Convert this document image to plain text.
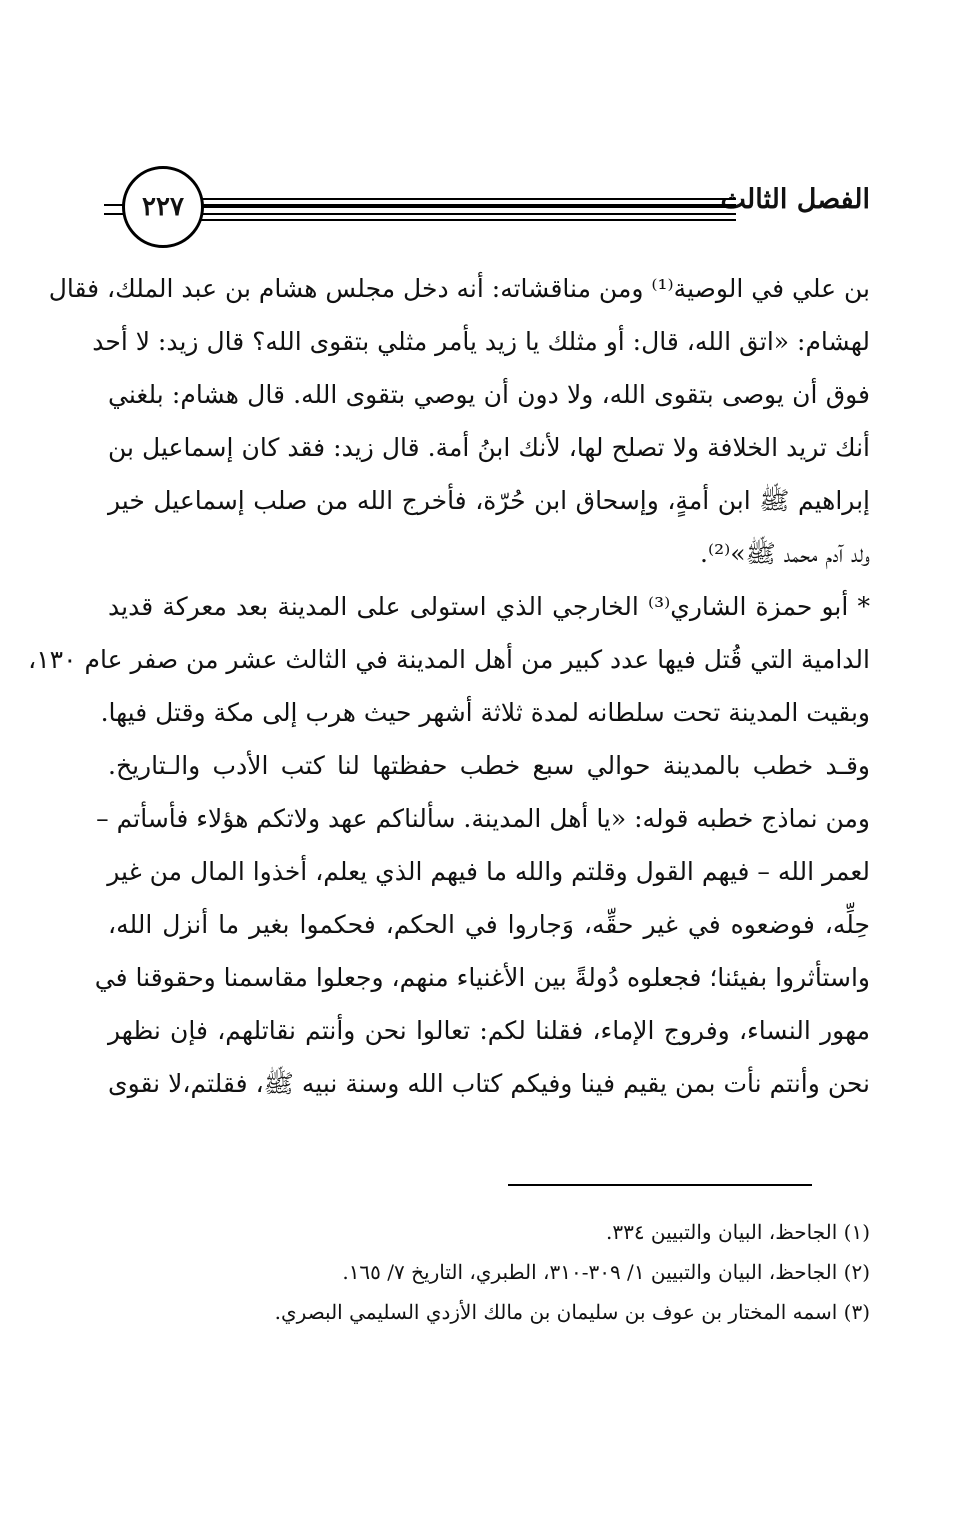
الفصل الثالث
٢٢٧
بن علي في الوصية⁽¹⁾ ومن مناقشاته: أنه دخل مجلس هشام بن عبد الملك، فقال
لهشام: «اتق الله، قال: أو مثلك يا زيد يأمر مثلي بتقوى الله؟ قال زيد: لا أحد
فوق أن يوصى بتقوى الله، ولا دون أن يوصي بتقوى الله. قال هشام: بلغني
أنك تريد الخلافة ولا تصلح لها، لأنك ابنُ أمة. قال زيد: فقد كان إسماعيل بن
إبراهيم ﷺ ابن أمةٍ، وإسحاق ابن حُرّة، فأخرج الله من صلب إسماعيل خير
ولد آدم محمد ﷺ»⁽²⁾.
* أبو حمزة الشاري⁽³⁾ الخارجي الذي استولى على المدينة بعد معركة قديد
الدامية التي قُتل فيها عدد كبير من أهل المدينة في الثالث عشر من صفر عام ١٣٠،
وبقيت المدينة تحت سلطانه لمدة ثلاثة أشهر حيث هرب إلى مكة وقتل فيها.
وقـد خطب بالمدينة حوالي سبع خطب حفظتها لنا كتب الأدب والـتاريخ.
ومن نماذج خطبه قوله: «يا أهل المدينة. سألناكم عهد ولاتكم هؤلاء فأسأتم –
لعمر الله – فيهم القول وقلتم والله ما فيهم الذي يعلم، أخذوا المال من غير
حِلِّه، فوضعوه في غير حقِّه، وَجاروا في الحكم، فحكموا بغير ما أنزل الله،
واستأثروا بفيئنا؛ فجعلوه دُولةً بين الأغنياء منهم، وجعلوا مقاسمنا وحقوقنا في
مهور النساء، وفروج الإماء، فقلنا لكم: تعالوا نحن وأنتم نقاتلهم، فإن نظهر
نحن وأنتم نأت بمن يقيم فينا وفيكم كتاب الله وسنة نبيه ﷺ، فقلتم،لا نقوى
(١) الجاحظ، البيان والتبيين ٣٣٤.
(٢) الجاحظ، البيان والتبيين ١/ ٣٠٩-٣١٠، الطبري، التاريخ ٧/ ١٦٥.
(٣) اسمه المختار بن عوف بن سليمان بن مالك الأزدي السليمي البصري.
